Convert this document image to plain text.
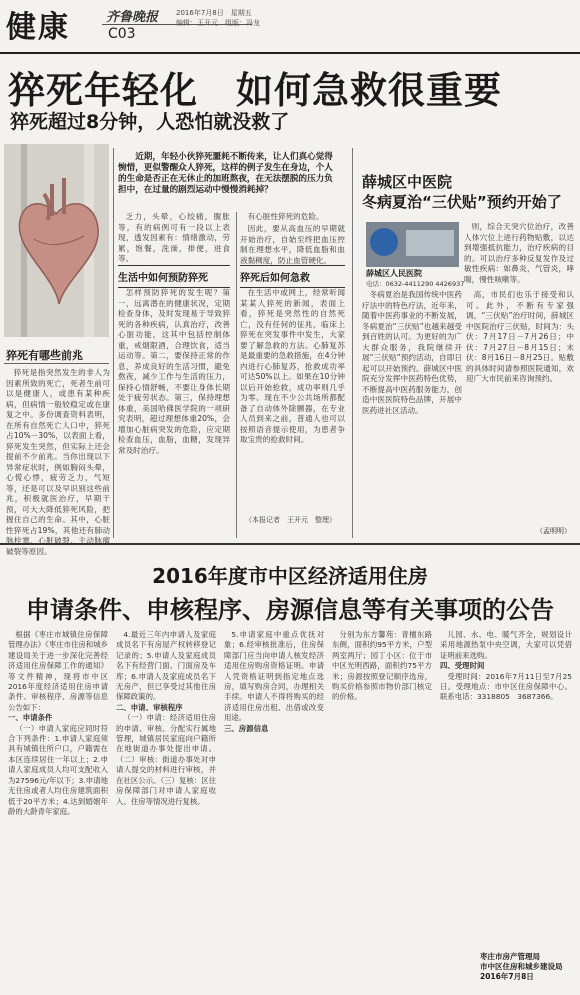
健康	齐鲁晚报	2016年7月8日　星期五
编辑：王开元　组版：冯龙
C03
猝死年轻化　如何急救很重要
猝死超过8分钟，人恐怕就没救了
猝死有哪些前兆
近期，年轻小伙猝死噩耗不断传来，让人们真心觉得惋惜，更似警醒众人猝死，这样的例子发生在身边，个人的生命是否正在无休止的加班熬夜，在无法摆脱的压力负担中，在过量的剧烈运动中慢慢消耗掉？

猝死是指突然发生的非人为因素所致的死亡，死者生前可以是健康人，或患有某种疾病，但病情一般较稳定或在康复之中。多份调查资料表明，在所有自然死亡人口中，猝死占10%－30%，以表面上看，猝死发生突然，但实际上还会提前不少前兆。当你出现以下异常症状时，例如胸闷头晕，心慌心悸，疲劳乏力，气短等，还是可以及早识别这些前兆，积极就医治疗，早期干预，可大大降低猝死风险，把握住自己的生命。其中，心脏性猝死占19%，其他还有肺动脉栓塞，心脏破裂，主动脉瘤破裂等原因。

乏力，头晕，心绞痛，腹胀等，有的病例可有一段以上表现，透发因素有：情绪激动，劳累，饱餐，洗澡，排便，进食等。

生活中如何预防猝死

怎样预防猝死的发生呢？第一，远离潜在的健康状况，定期检查身体，及时发现易于导致猝死的各种疾病，认真治疗，改善心脏功能，这其中包括控制体重，戒烟限酒，合理饮食，适当运动等。第二，要保持正常的作息，养成良好的生活习惯，避免熬夜，减少工作与生活的压力，保持心情舒畅，不要让身体长期处于疲劳状态。第三，保持理想体重，美国哈佛医学院的一项研究表明，超过理想体重20%，会增加心脏病突发的危险，应定期检查血压，血脂，血糖，发现异常及时治疗。

有心脏性猝死的危险。

因此，要从高血压的早期就开始治疗，自始至终把血压控制在理想水平，降低血脂和血液黏稠度，防止血管硬化。

猝死后如何急救

在生活中或网上，经常听闻某某人猝死的新闻，表面上看，猝死是突然性的自然死亡，没有任何的征兆，临床上猝死在突发事件中发生，大家要了解急救的方法。心肺复苏是最重要的急救措施，在4分钟内进行心肺复苏，抢救成功率可达50%以上。如果在10分钟以后开始抢救，成功率则几乎为零。现在不少公共场所都配备了自动体外除颤器，在专业人员到来之前，普通人也可以按照语音提示使用，为患者争取宝贵的抢救时间。

（本报记者　王开元　整理）
薛城区中医院
冬病夏治“三伏贴”预约开始了
薛城区人民医院
电话：0632-4411290 4426937

则，综合天突穴位治疗，改善人体穴位上进行药物贴敷，以达到增强抵抗能力，治疗疾病的目的。可以治疗多种反复发作及过敏性疾病：如鼻炎，气管炎，哮喘，慢性咳嗽等。

冬病夏治是我国传统中医药疗法中的特色疗法，近年来，随着中医药事业的不断发展，冬病夏治“三伏贴”也越来越受到百姓的认可。为更好的为广大群众服务，我院继续开展“三伏贴”预约活动，自即日起可以开始预约。薛城区中医院充分发挥中医药特色优势，不断提高中医药服务能力，创造中医医院特色品牌，开展中医药进社区活动。

高，市民们也乐于接受和认可。此外，不断有专家强调，“三伏贴”治疗时间，薛城区中医院治疗三伏贴，时间为：头伏：7月17日－7月26日；中伏：7月27日－8月15日；末伏：8月16日－8月25日。贴敷的具体时间请参照医院通知，欢迎广大市民前来咨询预约。

（孟明明）
2016年度市中区经济适用住房
申请条件、申核程序、房源信息等有关事项的公告

根据《枣庄市城镇住房保障管理办法》《枣庄市住房和城乡建设局关于进一步深化完善经济适用住房保障工作的通知》等文件精神，现将市中区2016年度经济适用住房申请条件、审核程序、房源等信息公告如下：

一、申请条件

（一）申请人家庭应同时符合下列条件：1.申请人家庭须具有城镇住所户口，户籍需在本区连续居住一年以上；2.申请人家庭成员人均可支配收入为27596元/年以下；3.申请地无住房或者人均住房建筑面积低于20平方米；4.达到婚姻年龄的大龄青年家庭。

4.最近三年内申请人及家庭成员名下有房屋产权转移登记记录的；5.申请人及家庭成员名下有经营门面、门面房及车库；6.申请人及家庭成员名下无房产，但已享受过其他住房保障政策的。

二、申请、审核程序

（一）申请：经济适用住房的申请、审核、分配实行属地管理，城镇居民家庭向户籍所在地街道办事处提出申请。（二）审核：街道办事处对申请人提交的材料进行审核，并在社区公示。（三）复核：区住房保障部门对申请人家庭收入、住房等情况进行复核。

5.申请家庭中重点优抚对象；6.经审核批准后，住房保障部门应当向申请人核发经济适用住房购房资格证明。申请人凭资格证明到指定地点选房，填写购房合同，办理相关手续。申请人不得将购买的经济适用住房出租、出借或改变用途。

三、房源信息

分别为东方馨苑：青檀东路东侧，面积约95平方米，户型两室两厅；园丁小区：位于市中区光明西路，面积约75平方米；房源按照登记顺序选房，购买价格参照市物价部门核定的价格。

儿园、水、电、暖气齐全，规划设计采用地源热泵中央空调，大家可以凭借证明前来选购。

四、受理时间

受理时间：2016年7月11日至7月25日。受理地点：市中区住房保障中心。联系电话：3318805　3687366。

枣庄市房产管理局
市中区住房和城乡建设局
2016年7月8日
